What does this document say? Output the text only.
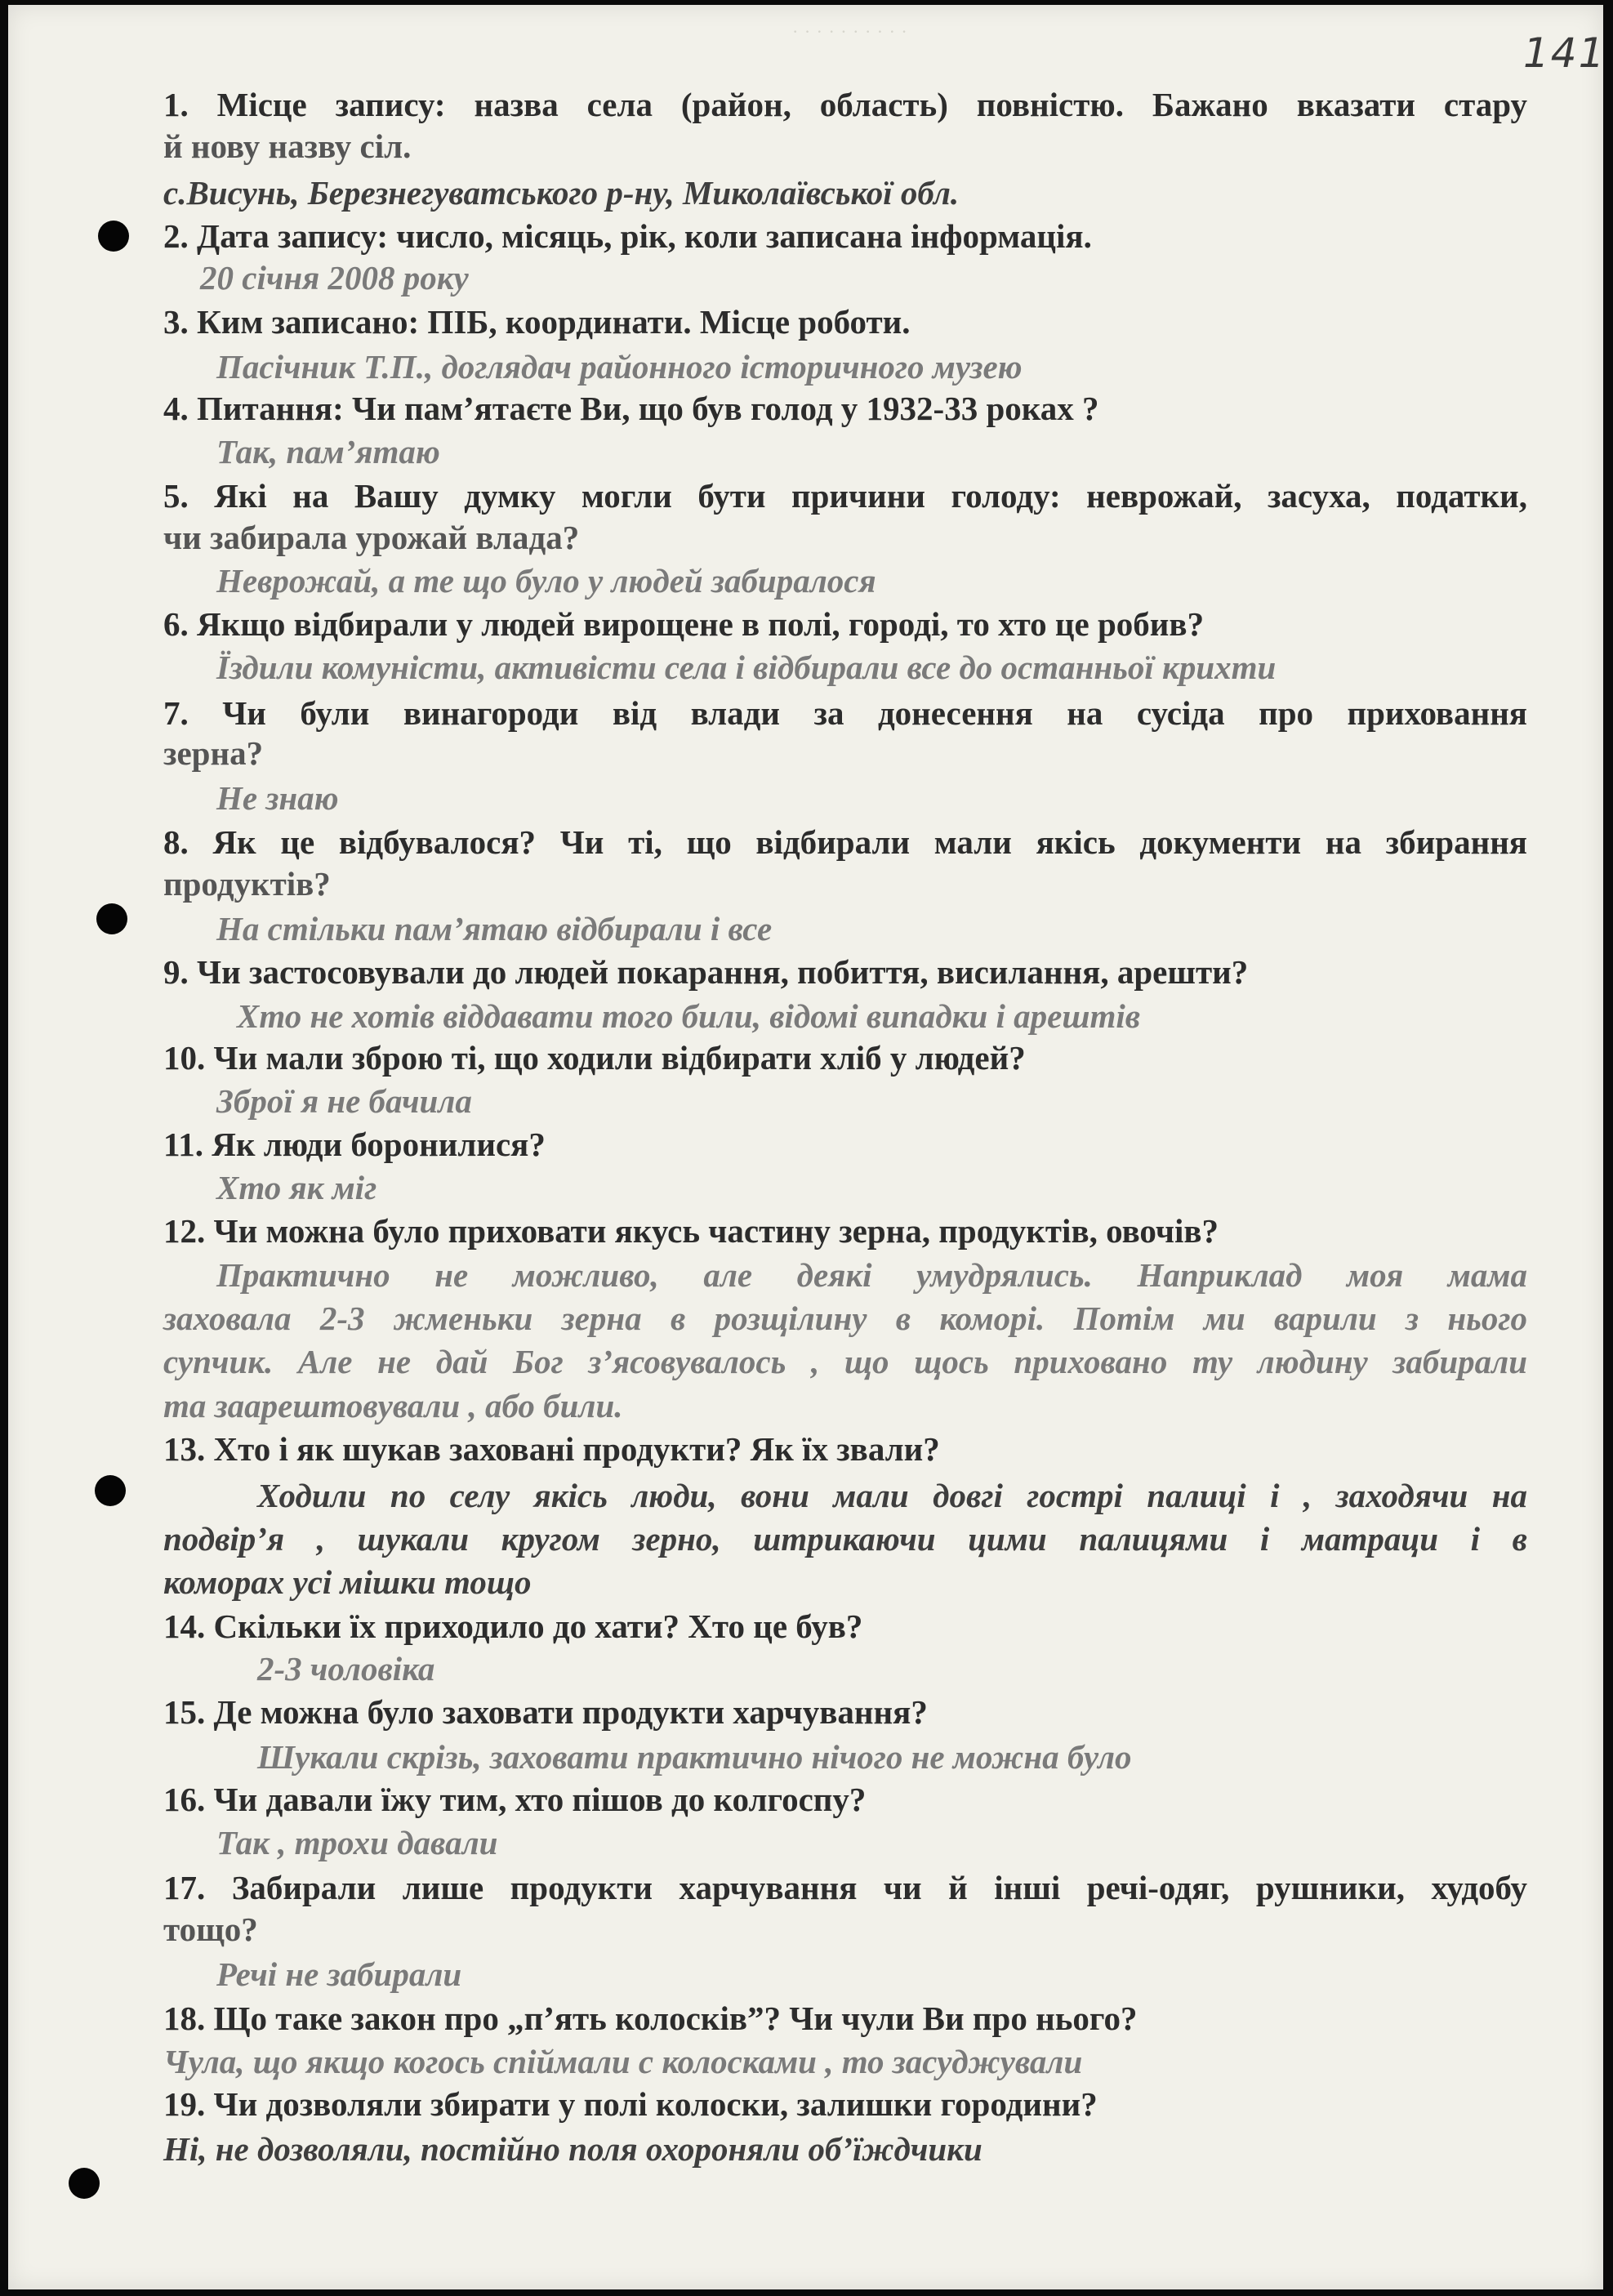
· · · · · · · · · ·	141
1. Місце запису: назва села (район, область) повністю. Бажано вказати стару
й нову назву сіл.
с.Висунь, Березнегуватського р-ну, Миколаївської обл.
2. Дата запису: число, місяць, рік, коли записана інформація.
20 січня 2008 року
3. Ким записано: ПІБ, координати. Місце роботи.
Пасічник Т.П., доглядач районного історичного музею
4. Питання: Чи пам’ятаєте Ви, що був голод у 1932-33 роках ?
Так, пам’ятаю
5. Які на Вашу думку могли бути причини голоду: неврожай, засуха, податки,
чи забирала урожай влада?
Неврожай, а те що було у людей забиралося
6. Якщо відбирали у людей вирощене в полі, городі, то хто це робив?
Їздили комуністи, активісти села і відбирали все до останньої крихти
7. Чи були винагороди від влади за донесення на сусіда про приховання
зерна?
Не знаю
8. Як це відбувалося? Чи ті, що відбирали мали якісь документи на збирання
продуктів?
На стільки пам’ятаю відбирали і все
9. Чи застосовували до людей покарання, побиття, висилання, арешти?
Хто не хотів віддавати того били, відомі випадки і арештів
10. Чи мали зброю ті, що ходили відбирати хліб у людей?
Зброї я не бачила
11. Як люди боронилися?
Хто як міг
12. Чи можна було приховати якусь частину зерна, продуктів, овочів?
Практично не можливо, але деякі умудрялись. Наприклад моя мама
заховала 2-3 жменьки зерна в розщілину в коморі. Потім ми варили з нього
супчик. Але не дай Бог з’ясовувалось , що щось приховано ту людину забирали
та заарештовували , або били.
13. Хто і як шукав заховані продукти? Як їх звали?
Ходили по селу якісь люди, вони мали довгі гострі палиці і , заходячи на
подвір’я , шукали кругом зерно, штрикаючи цими палицями і матраци і в
коморах усі мішки тощо
14. Скільки їх приходило до хати? Хто це був?
2-3 чоловіка
15. Де можна було заховати продукти харчування?
Шукали скрізь, заховати практично нічого не можна було
16. Чи давали їжу тим, хто пішов до колгоспу?
Так , трохи давали
17. Забирали лише продукти харчування чи й інші речі-одяг, рушники, худобу
тощо?
Речі не забирали
18. Що таке закон про „п’ять колосків”? Чи чули Ви про нього?
Чула, що якщо когось спіймали с колосками , то засуджували
19. Чи дозволяли збирати у полі колоски, залишки городини?
Ні, не дозволяли, постійно поля охороняли об’їждчики
